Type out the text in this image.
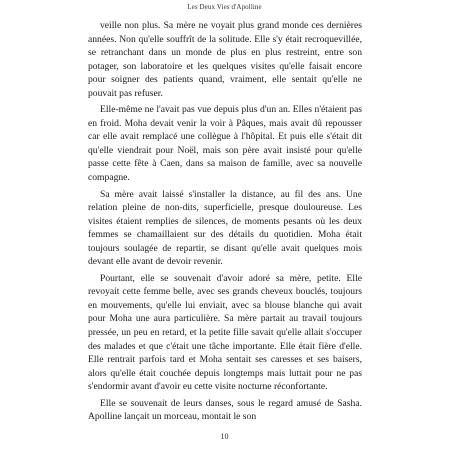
Les Deux Vies d'Apolline

veille non plus. Sa mère ne voyait plus grand monde ces dernières années. Non qu'elle souffrît de la solitude. Elle s'y était recroquevillée, se retranchant dans un monde de plus en plus restreint, entre son potager, son laboratoire et les quelques visites qu'elle faisait encore pour soigner des patients quand, vraiment, elle sentait qu'elle ne pouvait pas refuser.

Elle-même ne l'avait pas vue depuis plus d'un an. Elles n'étaient pas en froid. Moha devait venir la voir à Pâques, mais avait dû repousser car elle avait remplacé une collègue à l'hôpital. Et puis elle s'était dit qu'elle viendrait pour Noël, mais son père avait insisté pour qu'elle passe cette fête à Caen, dans sa maison de famille, avec sa nouvelle compagne.

Sa mère avait laissé s'installer la distance, au fil des ans. Une relation pleine de non-dits, superficielle, presque douloureuse. Les visites étaient remplies de silences, de moments pesants où les deux femmes se chamaillaient sur des détails du quotidien. Moha était toujours soulagée de repartir, se disant qu'elle avait quelques mois devant elle avant de devoir revenir.

Pourtant, elle se souvenait d'avoir adoré sa mère, petite. Elle revoyait cette femme belle, avec ses grands cheveux bouclés, toujours en mouvements, qu'elle lui enviait, avec sa blouse blanche qui avait pour Moha une aura particulière. Sa mère partait au travail toujours pressée, un peu en retard, et la petite fille savait qu'elle allait s'occuper des malades et que c'était une tâche importante. Elle était fière d'elle. Elle rentrait parfois tard et Moha sentait ses caresses et ses baisers, alors qu'elle était couchée depuis longtemps mais luttait pour ne pas s'endormir avant d'avoir eu cette visite nocturne réconfortante.

Elle se souvenait de leurs danses, sous le regard amusé de Sasha. Apolline lançait un morceau, montait le son

10
